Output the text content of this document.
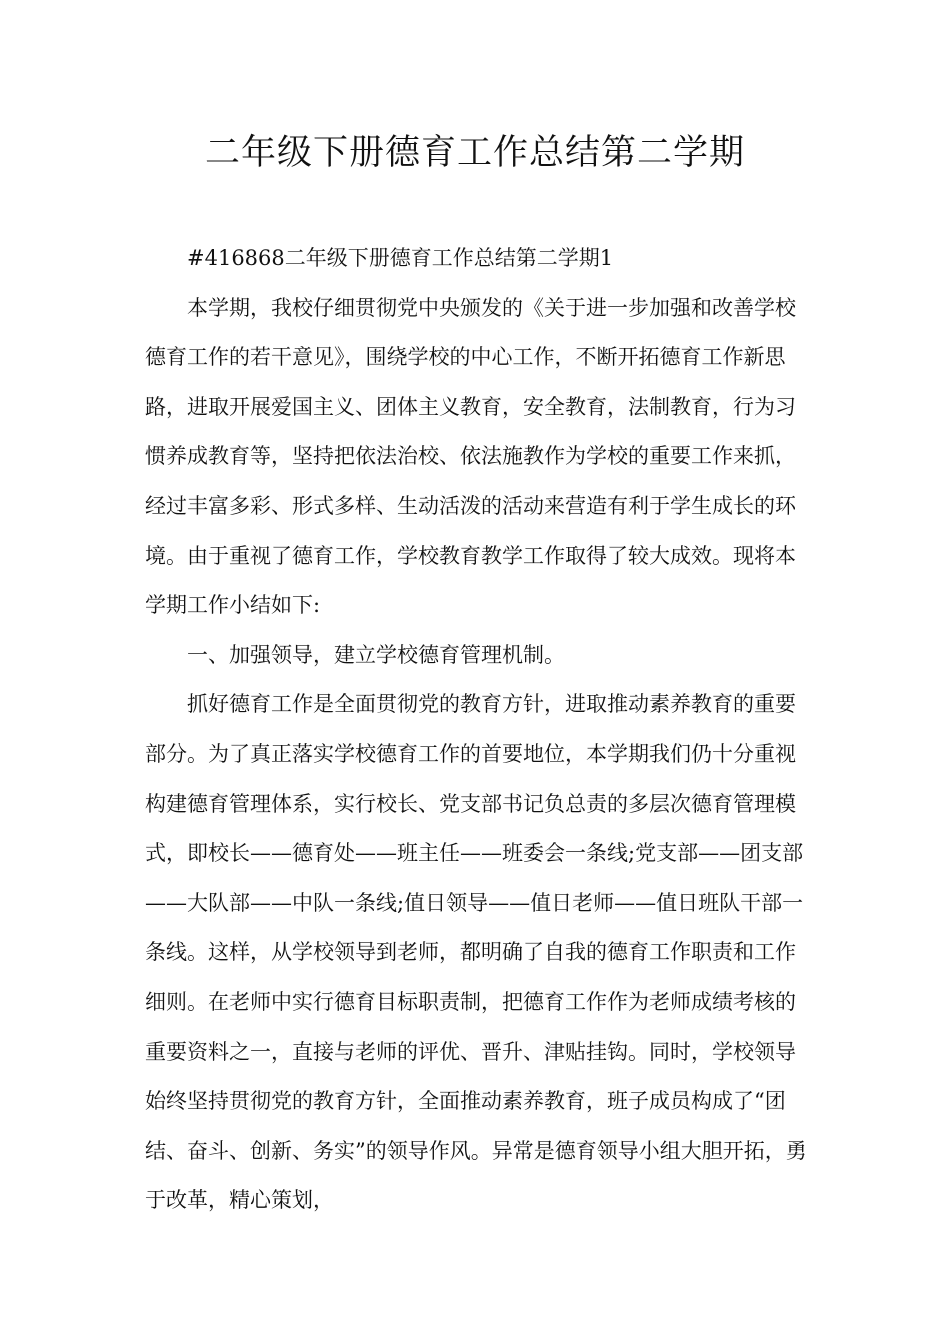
二年级下册德育工作总结第二学期

#416868二年级下册德育工作总结第二学期1

本学期，我校仔细贯彻党中央颁发的《关于进一步加强和改善学校德育工作的若干意见》，围绕学校的中心工作，不断开拓德育工作新思路，进取开展爱国主义、团体主义教育，安全教育，法制教育，行为习惯养成教育等，坚持把依法治校、依法施教作为学校的重要工作来抓，经过丰富多彩、形式多样、生动活泼的活动来营造有利于学生成长的环境。由于重视了德育工作，学校教育教学工作取得了较大成效。现将本学期工作小结如下:

一、加强领导，建立学校德育管理机制。

抓好德育工作是全面贯彻党的教育方针，进取推动素养教育的重要部分。为了真正落实学校德育工作的首要地位，本学期我们仍十分重视构建德育管理体系，实行校长、党支部书记负总责的多层次德育管理模式，即校长——德育处——班主任——班委会一条线;党支部——团支部——大队部——中队一条线;值日领导——值日老师——值日班队干部一条线。这样，从学校领导到老师，都明确了自我的德育工作职责和工作细则。在老师中实行德育目标职责制，把德育工作作为老师成绩考核的重要资料之一，直接与老师的评优、晋升、津贴挂钩。同时，学校领导始终坚持贯彻党的教育方针，全面推动素养教育，班子成员构成了“团结、奋斗、创新、务实”的领导作风。异常是德育领导小组大胆开拓，勇于改革，精心策划，
